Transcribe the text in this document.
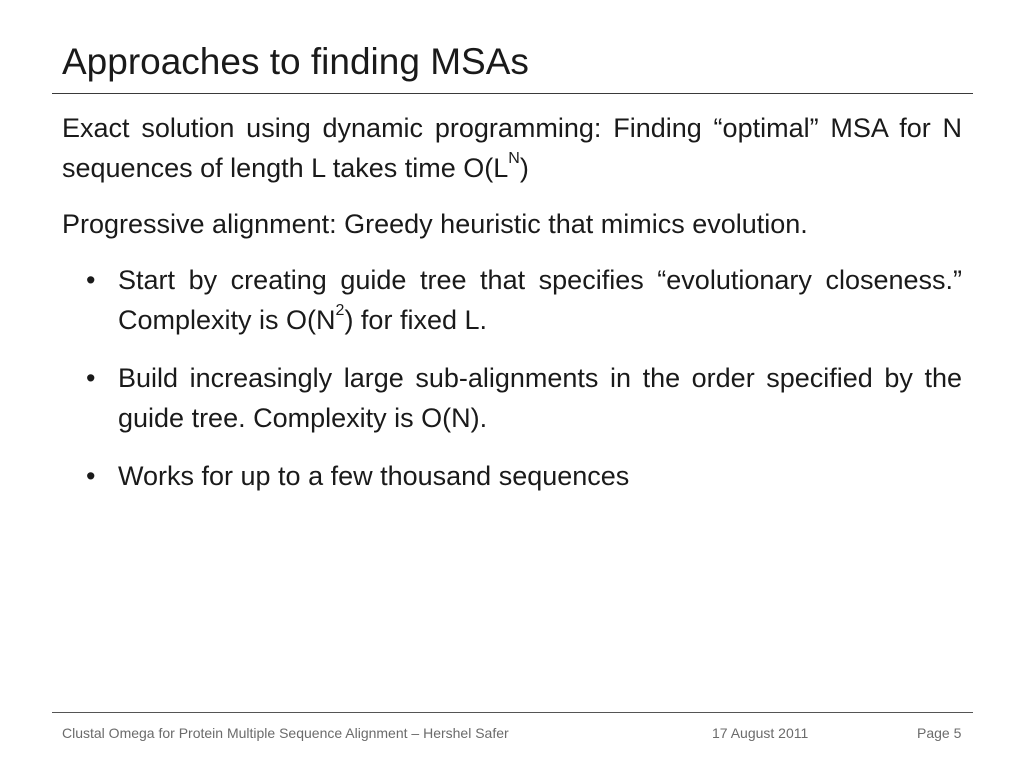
Approaches to finding MSAs

Exact solution using dynamic programming: Finding “optimal” MSA for N sequences of length L takes time $O(L^N)$

Progressive alignment: Greedy heuristic that mimics evolution.

• Start by creating guide tree that specifies “evolutionary closeness.” Complexity is $O(N^2)$ for fixed L.
• Build increasingly large sub-alignments in the order specified by the guide tree. Complexity is O(N).
• Works for up to a few thousand sequences
Clustal Omega for Protein Multiple Sequence Alignment – Hershel Safer	17 August 2011	Page 5
